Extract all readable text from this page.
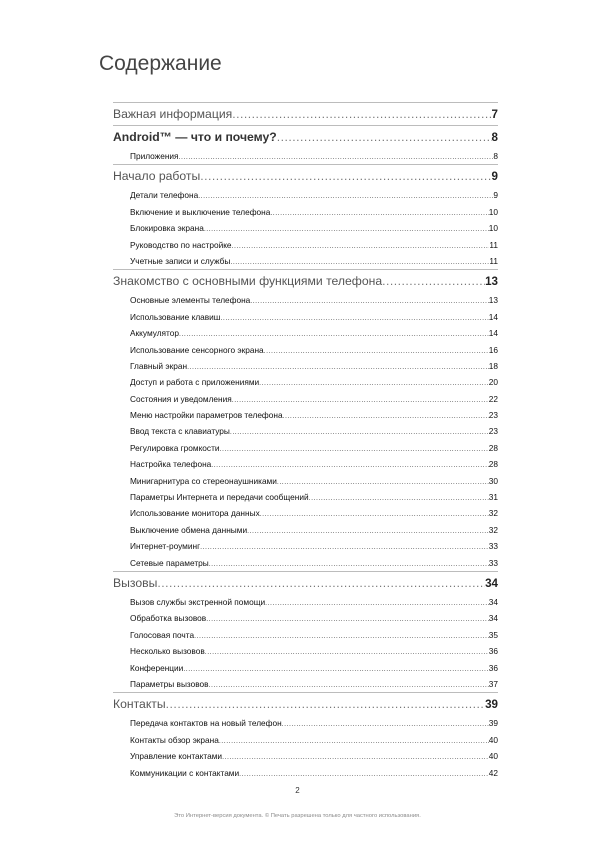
Содержание
Важная информация .....	7
Android™ — что и почему? .....	8
Приложения .....	8
Начало работы .....	9
Детали телефона .....	9
Включение и выключение телефона .....	10
Блокировка экрана .....	10
Руководство по настройке .....	11
Учетные записи и службы .....	11
Знакомство с основными функциями телефона .....	13
Основные элементы телефона .....	13
Использование клавиш .....	14
Аккумулятор .....	14
Использование сенсорного экрана .....	16
Главный экран .....	18
Доступ и работа с приложениями .....	20
Состояния и уведомления .....	22
Меню настройки параметров телефона .....	23
Ввод текста с клавиатуры .....	23
Регулировка громкости .....	28
Настройка телефона .....	28
Минигарнитура со стереонаушниками .....	30
Параметры Интернета и передачи сообщений .....	31
Использование монитора данных .....	32
Выключение обмена данными .....	32
Интернет-роуминг .....	33
Сетевые параметры .....	33
Вызовы .....	34
Вызов службы экстренной помощи .....	34
Обработка вызовов .....	34
Голосовая почта .....	35
Несколько вызовов .....	36
Конференции .....	36
Параметры вызовов .....	37
Контакты .....	39
Передача контактов на новый телефон .....	39
Контакты обзор экрана .....	40
Управление контактами .....	40
Коммуникации с контактами .....	42
2
Это Интернет-версия документа. © Печать разрешена только для частного использования.
